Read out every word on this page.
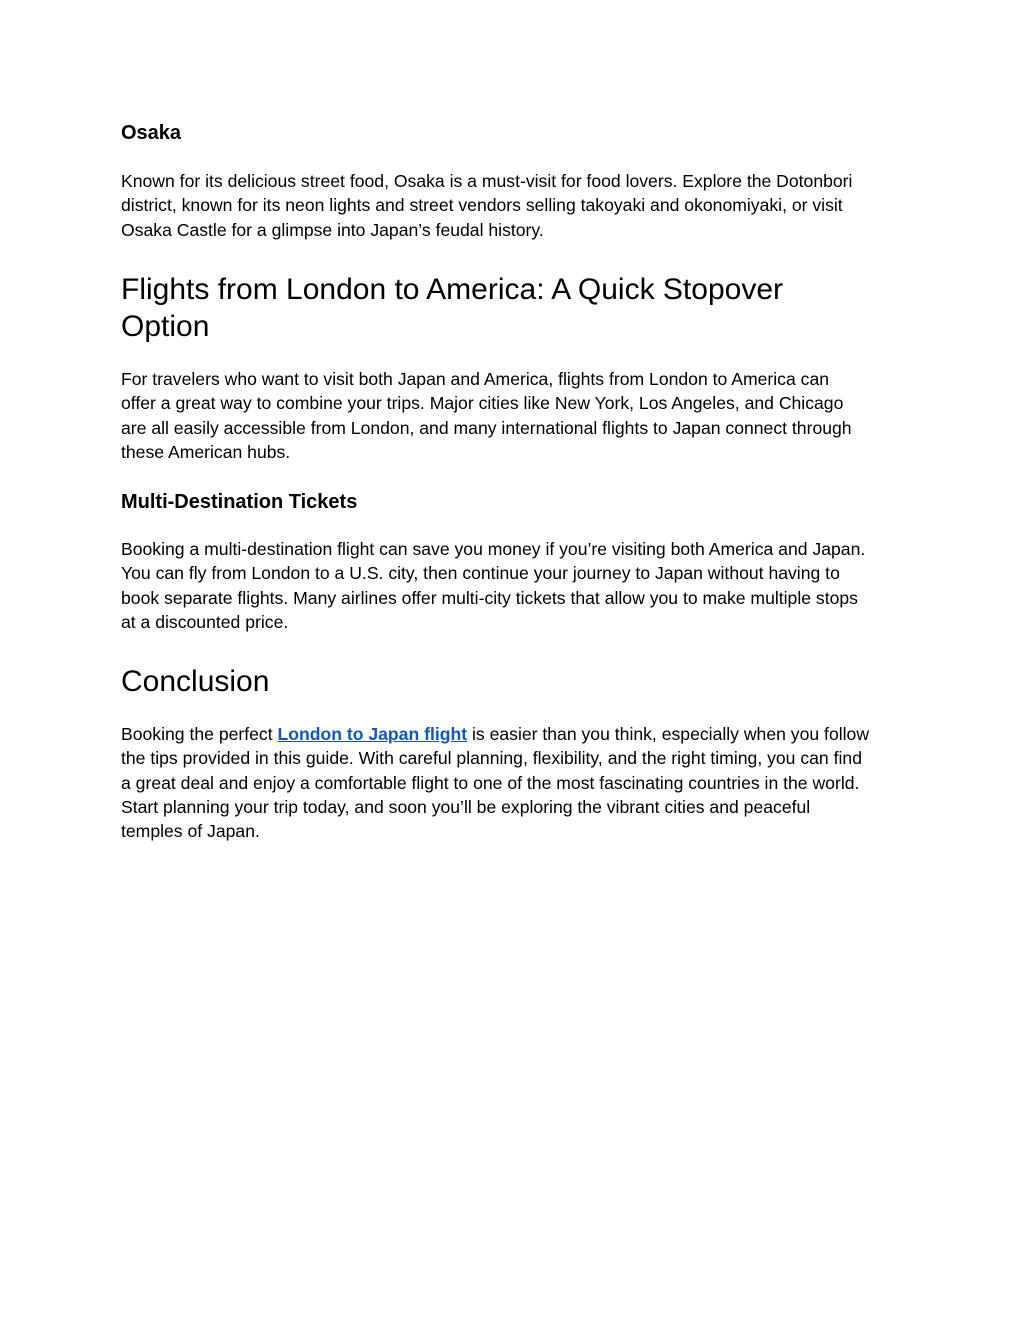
Osaka

Known for its delicious street food, Osaka is a must-visit for food lovers. Explore the Dotonbori
district, known for its neon lights and street vendors selling takoyaki and okonomiyaki, or visit
Osaka Castle for a glimpse into Japan’s feudal history.

Flights from London to America: A Quick Stopover
Option

For travelers who want to visit both Japan and America, flights from London to America can
offer a great way to combine your trips. Major cities like New York, Los Angeles, and Chicago
are all easily accessible from London, and many international flights to Japan connect through
these American hubs.

Multi-Destination Tickets

Booking a multi-destination flight can save you money if you’re visiting both America and Japan.
You can fly from London to a U.S. city, then continue your journey to Japan without having to
book separate flights. Many airlines offer multi-city tickets that allow you to make multiple stops
at a discounted price.

Conclusion

Booking the perfect London to Japan flight is easier than you think, especially when you follow
the tips provided in this guide. With careful planning, flexibility, and the right timing, you can find
a great deal and enjoy a comfortable flight to one of the most fascinating countries in the world.
Start planning your trip today, and soon you’ll be exploring the vibrant cities and peaceful
temples of Japan.
